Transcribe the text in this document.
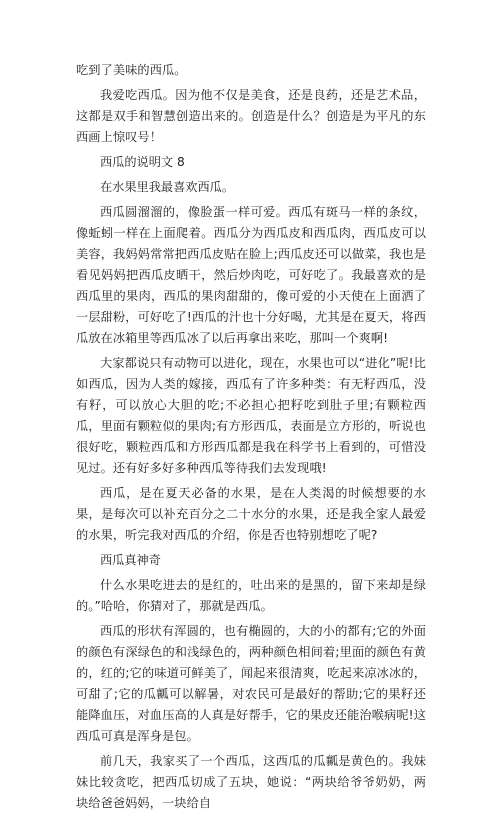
吃到了美味的西瓜。

我爱吃西瓜。因为他不仅是美食，还是良药，还是艺术品，这都是双手和智慧创造出来的。创造是什么？创造是为平凡的东西画上惊叹号！

西瓜的说明文 8

在水果里我最喜欢西瓜。

西瓜圆溜溜的，像脸蛋一样可爱。西瓜有斑马一样的条纹，像蚯蚓一样在上面爬着。西瓜分为西瓜皮和西瓜肉，西瓜皮可以美容，我妈妈常常把西瓜皮贴在脸上;西瓜皮还可以做菜，我也是看见妈妈把西瓜皮晒干，然后炒肉吃，可好吃了。我最喜欢的是西瓜里的果肉，西瓜的果肉甜甜的，像可爱的小天使在上面洒了一层甜粉，可好吃了!西瓜的汁也十分好喝，尤其是在夏天，将西瓜放在冰箱里等西瓜冰了以后再拿出来吃，那叫一个爽啊!

大家都说只有动物可以进化，现在，水果也可以“进化”呢!比如西瓜，因为人类的嫁接，西瓜有了许多种类：有无籽西瓜，没有籽，可以放心大胆的吃;不必担心把籽吃到肚子里;有颗粒西瓜，里面有颗粒似的果肉;有方形西瓜，表面是立方形的，听说也很好吃，颗粒西瓜和方形西瓜都是我在科学书上看到的，可惜没见过。还有好多好多种西瓜等待我们去发现哦!

西瓜，是在夏天必备的水果，是在人类渴的时候想要的水果，是每次可以补充百分之二十水分的水果，还是我全家人最爱的水果，听完我对西瓜的介绍，你是否也特别想吃了呢?

西瓜真神奇

什么水果吃进去的是红的，吐出来的是黑的，留下来却是绿的。”哈哈，你猜对了，那就是西瓜。

西瓜的形状有浑圆的，也有椭圆的，大的小的都有;它的外面的颜色有深绿色的和浅绿色的，两种颜色相间着;里面的颜色有黄的，红的;它的味道可鲜美了，闻起来很清爽，吃起来凉冰冰的，可甜了;它的瓜瓤可以解暑，对农民可是最好的帮助;它的果籽还能降血压，对血压高的人真是好帮手，它的果皮还能治喉病呢!这西瓜可真是浑身是包。

前几天，我家买了一个西瓜，这西瓜的瓜瓤是黄色的。我妹妹比较贪吃，把西瓜切成了五块，她说：“两块给爷爷奶奶，两块给爸爸妈妈，一块给自
